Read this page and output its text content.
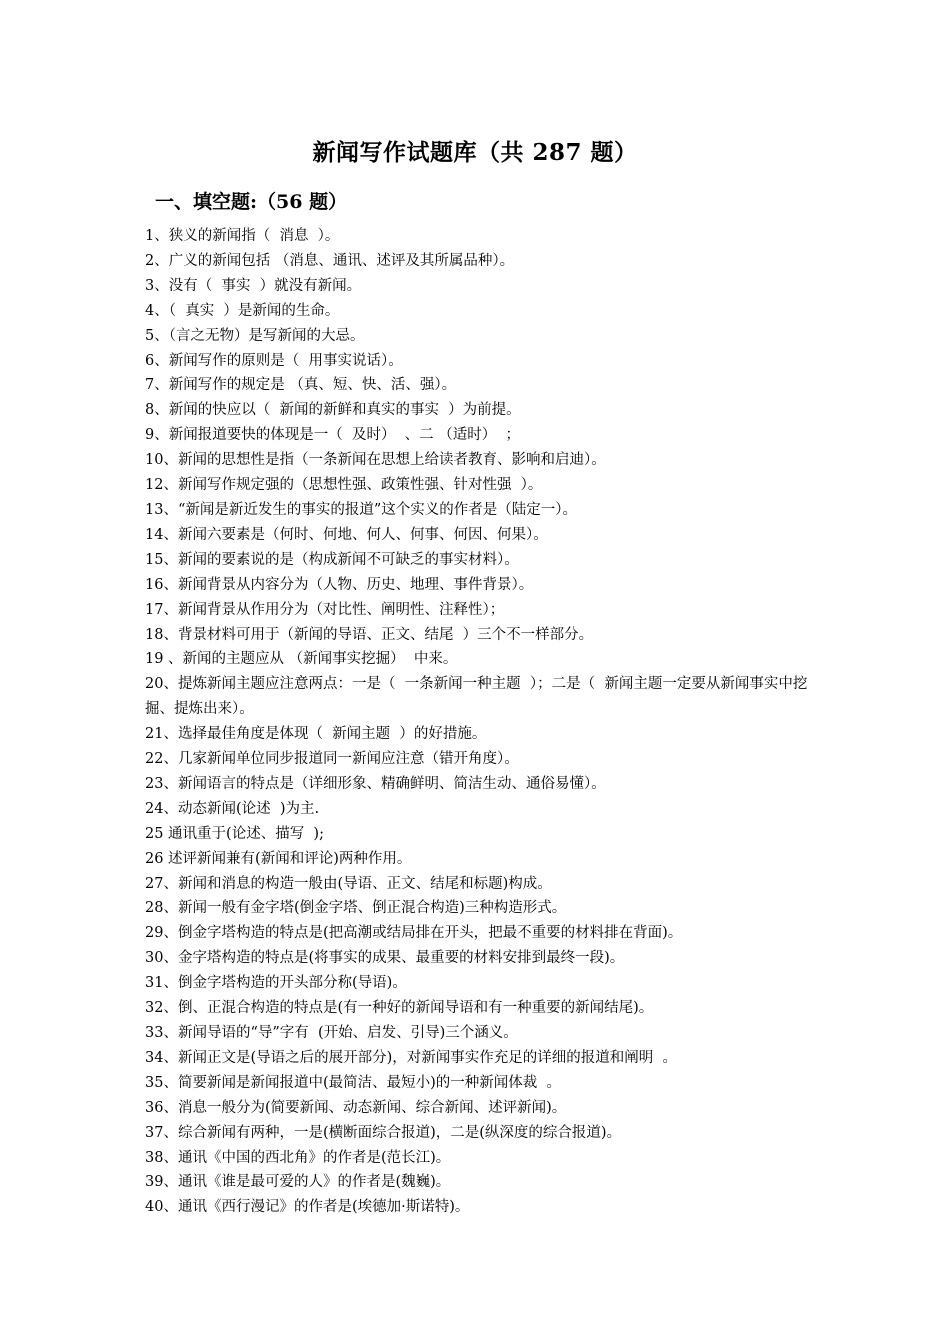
新闻写作试题库（共 287 题）
一、填空题:（56 题）
1、狭义的新闻指（  消息  ）。
2、广义的新闻包括 （消息、通讯、述评及其所属品种）。
3、没有（  事实  ）就没有新闻。
4、（  真实  ）是新闻的生命。
5、（言之无物）是写新闻的大忌。
6、新闻写作的原则是（  用事实说话）。
7、新闻写作的规定是 （真、短、快、活、强）。
8、新闻的快应以（  新闻的新鲜和真实的事实  ）为前提。
9、新闻报道要快的体现是一（  及时）  、二 （适时）  ；
10、新闻的思想性是指（一条新闻在思想上给读者教育、影响和启迪）。
12、新闻写作规定强的（思想性强、政策性强、针对性强  ）。
13、“新闻是新近发生的事实的报道”这个实义的作者是（陆定一）。
14、新闻六要素是（何时、何地、何人、何事、何因、何果）。
15、新闻的要素说的是（构成新闻不可缺乏的事实材料）。
16、新闻背景从内容分为（人物、历史、地理、事件背景）。
17、新闻背景从作用分为（对比性、阐明性、注释性）；
18、背景材料可用于（新闻的导语、正文、结尾  ）三个不一样部分。
19 、新闻的主题应从 （新闻事实挖掘）  中来。
20、提炼新闻主题应注意两点：一是（  一条新闻一种主题  ）；二是（  新闻主题一定要从新闻事实中挖掘、提炼出来）。
21、选择最佳角度是体现（  新闻主题  ）的好措施。
22、几家新闻单位同步报道同一新闻应注意（错开角度）。
23、新闻语言的特点是（详细形象、精确鲜明、简洁生动、通俗易懂）。
24、动态新闻(论述  )为主.
25 通讯重于(论述、描写  );
26 述评新闻兼有(新闻和评论)两种作用。
27、新闻和消息的构造一般由(导语、正文、结尾和标题)构成。
28、新闻一般有金字塔(倒金字塔、倒正混合构造)三种构造形式。
29、倒金字塔构造的特点是(把高潮或结局排在开头，把最不重要的材料排在背面)。
30、金字塔构造的特点是(将事实的成果、最重要的材料安排到最终一段)。
31、倒金字塔构造的开头部分称(导语)。
32、倒、正混合构造的特点是(有一种好的新闻导语和有一种重要的新闻结尾)。
33、新闻导语的“导”字有  (开始、启发、引导)三个涵义。
34、新闻正文是(导语之后的展开部分)，对新闻事实作充足的详细的报道和阐明  。
35、简要新闻是新闻报道中(最简洁、最短小)的一种新闻体裁  。
36、消息一般分为(简要新闻、动态新闻、综合新闻、述评新闻)。
37、综合新闻有两种，一是(横断面综合报道)，二是(纵深度的综合报道)。
38、通讯《中国的西北角》的作者是(范长江)。
39、通讯《谁是最可爱的人》的作者是(魏巍)。
40、通讯《西行漫记》的作者是(埃德加·斯诺特)。
